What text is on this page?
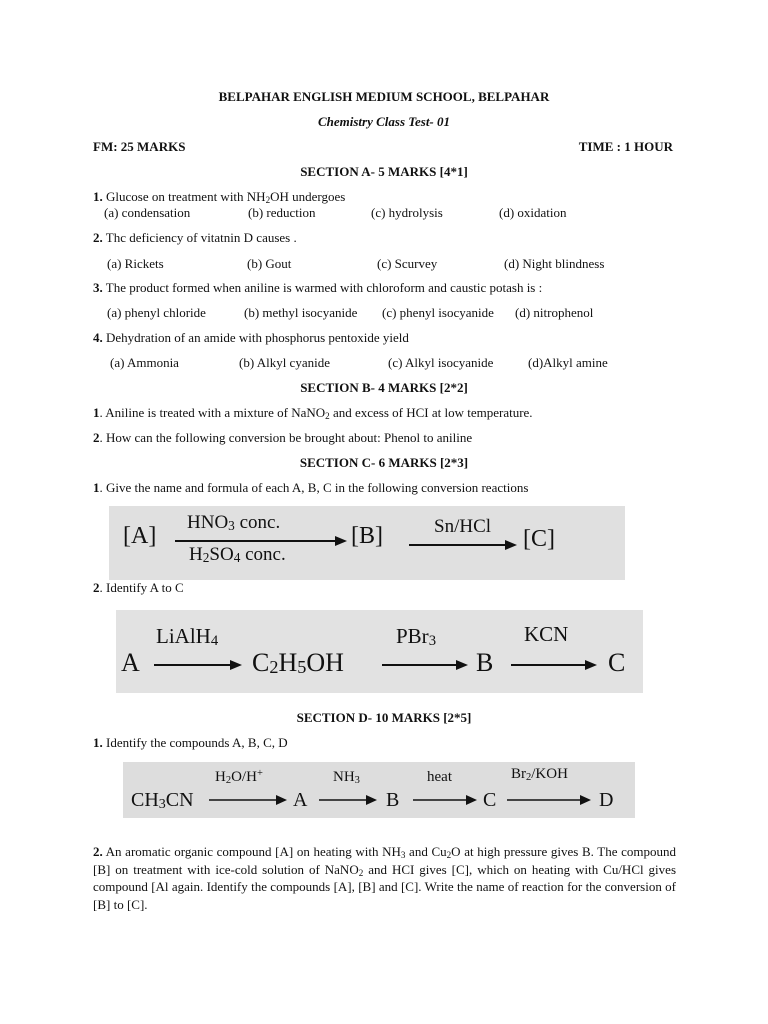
BELPAHAR ENGLISH MEDIUM SCHOOL, BELPAHAR
Chemistry Class Test- 01
FM: 25 MARKS	TIME : 1 HOUR
SECTION A- 5 MARKS [4*1]
1. Glucose on treatment with $NH_2OH$ undergoes
(a) condensation	(b) reduction	(c) hydrolysis	(d) oxidation
2. Thc deficiency of vitatnin D causes .
(a) Rickets	(b) Gout	(c) Scurvey	(d) Night blindness
3. The product formed when aniline is warmed with chloroform and caustic potash is :
(a) phenyl chloride	(b) methyl isocyanide (c) phenyl isocyanide (d) nitrophenol
4. Dehydration of an amide with phosphorus pentoxide yield
(a) Ammonia	(b) Alkyl cyanide	(c) Alkyl isocyanide	(d)Alkyl amine
SECTION B- 4 MARKS [2*2]
1. Aniline is treated with a mixture of NaNO$_2$ and excess of HCI at low temperature.
2. How can the following conversion be brought about: Phenol to aniline
SECTION C- 6 MARKS [2*3]
1. Give the name and formula of each A, B, C in the following conversion reactions
[A]
$HNO_3$ conc.
$H_2SO_4$ conc.
[B]	Sn/HCl [C]
2. Identify A to C
A
LiAlH$_4$
$C_2H_5OH$
PBr$_3$
B
KCN
C
SECTION D- 10 MARKS [2*5]
1. Identify the compounds A, B, C, D
$CH_3CN$
$H_2O/H^+$
A
$NH_3$
B
heat
C
$Br_2$/KOH
D
2. An aromatic organic compound [A] on heating with $NH_3$ and $Cu_2O$ at high pressure gives B. The compound [B] on treatment with ice-cold solution of NaNO$_2$ and HCI gives [C], which on heating with Cu/HCl gives compound [Al again. Identify the compounds [A], [B] and [C]. Write the name of reaction for the conversion of [B] to [C].
